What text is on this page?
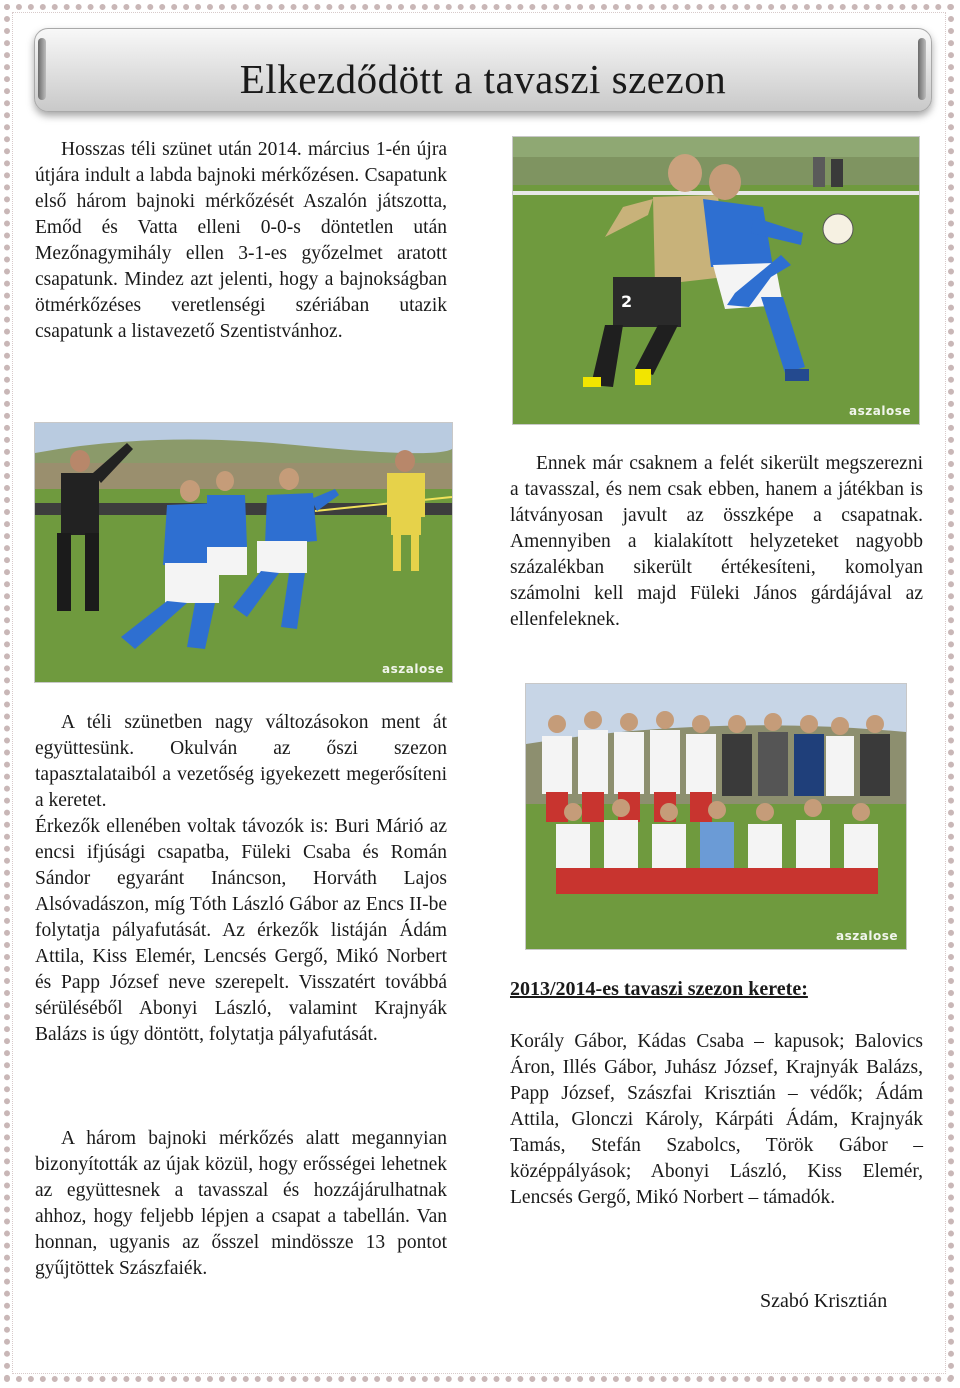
Elkezdődött a tavaszi szezon

Hosszas téli szünet után 2014. március 1-én újra útjára indult a labda bajnoki mérkőzésen. Csapatunk első három bajnoki mérkőzését Aszalón játszotta, Emőd és Vatta elleni 0-0-s döntetlen után Mezőnagymihály ellen 3-1-es győzelmet aratott csapatunk. Mindez azt jelenti, hogy a bajnokságban ötmérkőzéses veretlenségi szériában utazik csapatunk a listavezető Szentistvánhoz.

2
aszalose
aszalose

Ennek már csaknem a felét sikerült megszerezni a tavasszal, és nem csak ebben, hanem a játékban is látványosan javult az összképe a csapatnak. Amennyiben a kialakított helyzeteket nagyobb százalékban sikerült értékesíteni, komolyan számolni kell majd Füleki János gárdájával az ellenfeleknek.

A téli szünetben nagy változásokon ment át együttesünk. Okulván az őszi szezon tapasztalataiból a vezetőség igyekezett megerősíteni a keretet.

Érkezők ellenében voltak távozók is: Buri Márió az encsi ifjúsági csapatba, Füleki Csaba és Román Sándor egyaránt Ináncson, Horváth Lajos Alsóvadászon, míg Tóth László Gábor az Encs II-be folytatja pályafutását. Az érkezők listáján Ádám Attila, Kiss Elemér, Lencsés Gergő, Mikó Norbert és Papp József neve szerepelt. Visszatért továbbá sérüléséből Abonyi László, valamint Krajnyák Balázs is úgy döntött, folytatja pályafutását.

A három bajnoki mérkőzés alatt megannyian bizonyították az újak közül, hogy erősségei lehetnek az együttesnek a tavasszal és hozzájárulhatnak ahhoz, hogy feljebb lépjen a csapat a tabellán. Van honnan, ugyanis az ősszel mindössze 13 pontot gyűjtöttek Szászfaiék.

aszalose
2013/2014-es tavaszi szezon kerete:

Korály Gábor, Kádas Csaba – kapusok; Balovics Áron, Illés Gábor, Juhász József, Krajnyák Balázs, Papp József, Szászfai Krisztián – védők; Ádám Attila, Glonczi Károly, Kárpáti Ádám, Krajnyák Tamás, Stefán Szabolcs, Török Gábor – középpályások; Abonyi László, Kiss Elemér, Lencsés Gergő, Mikó Norbert – támadók.

Szabó Krisztián
